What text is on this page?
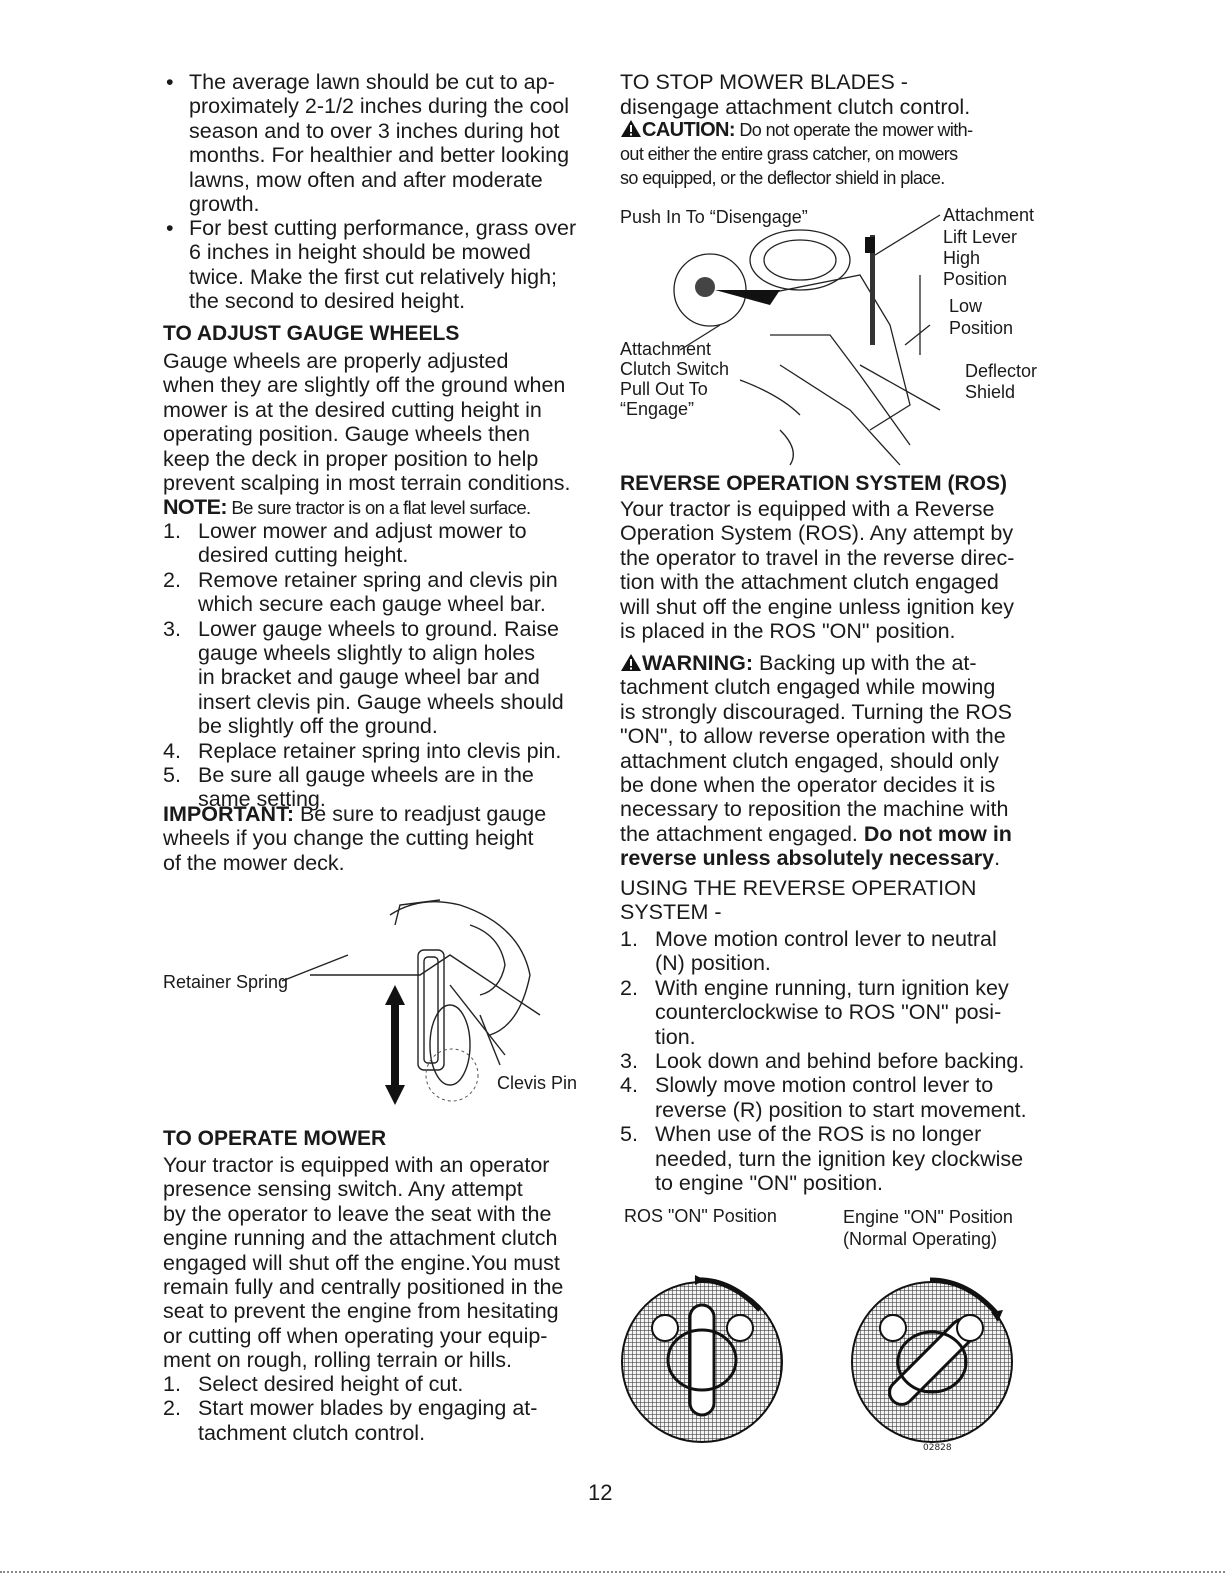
• The average lawn should be cut to ap-
proximately 2-1/2 inches during the cool
season and to over 3 inches during hot
months. For healthier and better looking
lawns, mow often and after moderate
growth.
• For best cutting performance, grass over
6 inches in height should be mowed
twice. Make the first cut relatively high;
the second to desired height.
TO ADJUST GAUGE WHEELS
Gauge wheels are properly adjusted
when they are slightly off the ground when
mower is at the desired cutting height in
operating position. Gauge wheels then
keep the deck in proper position to help
prevent scalping in most terrain conditions.
NOTE: Be sure tractor is on a flat level surface.
1. Lower mower and adjust mower to
desired cutting height.
2. Remove retainer spring and clevis pin
which secure each gauge wheel bar.
3. Lower gauge wheels to ground. Raise
gauge wheels slightly to align holes
in bracket and gauge wheel bar and
insert clevis pin. Gauge wheels should
be slightly off the ground.
4. Replace retainer spring into clevis pin.
5. Be sure all gauge wheels are in the
same setting.
IMPORTANT: Be sure to readjust gauge
wheels if you change the cutting height
of the mower deck.
Retainer Spring
Clevis Pin
TO OPERATE MOWER
Your tractor is equipped with an operator
presence sensing switch. Any attempt
by the operator to leave the seat with the
engine running and the attachment clutch
engaged will shut off the engine.You must
remain fully and centrally positioned in the
seat to prevent the engine from hesitating
or cutting off when operating your equip-
ment on rough, rolling terrain or hills.
1. Select desired height of cut.
2. Start mower blades by engaging at-
tachment clutch control.
TO STOP MOWER BLADES -
disengage attachment clutch control.
CAUTION: Do not operate the mower with-
out either the entire grass catcher, on mowers
so equipped, or the deflector shield in place.
Push In To “Disengage”	Attachment
Lift Lever
High
Position
Low
Position
Attachment
Clutch Switch
Pull Out To
“Engage”
Deflector
Shield
REVERSE OPERATION SYSTEM (ROS)
Your tractor is equipped with a Reverse
Operation System (ROS). Any attempt by
the operator to travel in the reverse direc-
tion with the attachment clutch engaged
will shut off the engine unless ignition key
is placed in the ROS "ON" position.
WARNING: Backing up with the at-
tachment clutch engaged while mowing
is strongly discouraged. Turning the ROS
"ON", to allow reverse operation with the
attachment clutch engaged, should only
be done when the operator decides it is
necessary to reposition the machine with
the attachment engaged. Do not mow in
reverse unless absolutely necessary.
USING THE REVERSE OPERATION
SYSTEM -
1. Move motion control lever to neutral
(N) position.
2. With engine running, turn ignition key
counterclockwise to ROS "ON" posi-
tion.
3. Look down and behind before backing.
4. Slowly move motion control lever to
reverse (R) position to start movement.
5. When use of the ROS is no longer
needed, turn the ignition key clockwise
to engine "ON" position.
ROS "ON" Position	Engine "ON" Position
(Normal Operating)
02828
12
